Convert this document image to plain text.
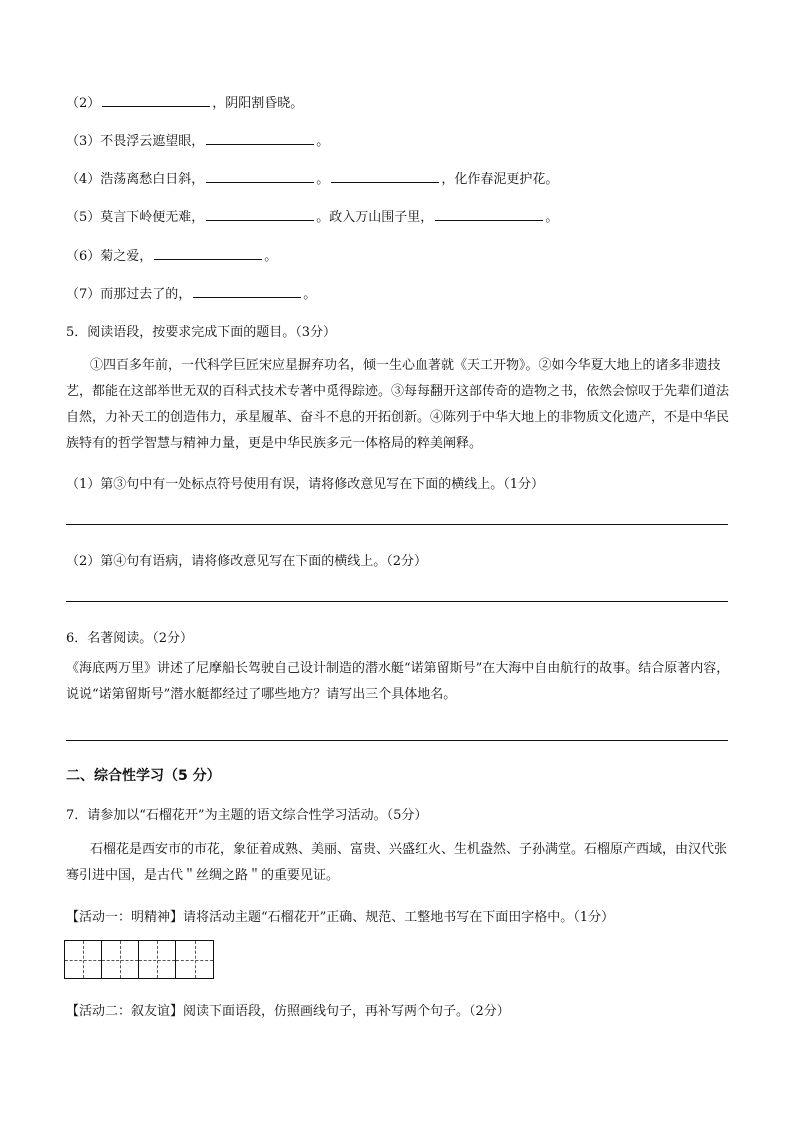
（2）	，阴阳割昏晓。
（3）不畏浮云遮望眼，	。
（4）浩荡离愁白日斜，	。	，化作春泥更护花。
（5）莫言下岭便无难，	。政入万山围子里，	。
（6）菊之爱，	。
（7）而那过去了的，	。
5．阅读语段，按要求完成下面的题目。（3分）
①四百多年前，一代科学巨匠宋应星摒弃功名，倾一生心血著就《天工开物》。②如今华夏大地上的诸多非遗技艺，都能在这部举世无双的百科式技术专著中觅得踪迹。③每每翻开这部传奇的造物之书，依然会惊叹于先辈们道法自然，力补天工的创造伟力，承星履革、奋斗不息的开拓创新。④陈列于中华大地上的非物质文化遗产，不是中华民族特有的哲学智慧与精神力量，更是中华民族多元一体格局的粹美阐释。
（1）第③句中有一处标点符号使用有误，请将修改意见写在下面的横线上。（1分）
（2）第④句有语病，请将修改意见写在下面的横线上。（2分）
6．名著阅读。（2分）
《海底两万里》讲述了尼摩船长驾驶自己设计制造的潜水艇“诺第留斯号”在大海中自由航行的故事。结合原著内容，说说“诺第留斯号”潜水艇都经过了哪些地方？请写出三个具体地名。
二、综合性学习（5 分）
7．请参加以“石榴花开”为主题的语文综合性学习活动。（5分）
石榴花是西安市的市花，象征着成熟、美丽、富贵、兴盛红火、生机盎然、子孙满堂。石榴原产西域，由汉代张骞引进中国，是古代＂丝绸之路＂的重要见证。
【活动一：明精神】请将活动主题“石榴花开”正确、规范、工整地书写在下面田字格中。（1分）
【活动二：叙友谊】阅读下面语段，仿照画线句子，再补写两个句子。（2分）
